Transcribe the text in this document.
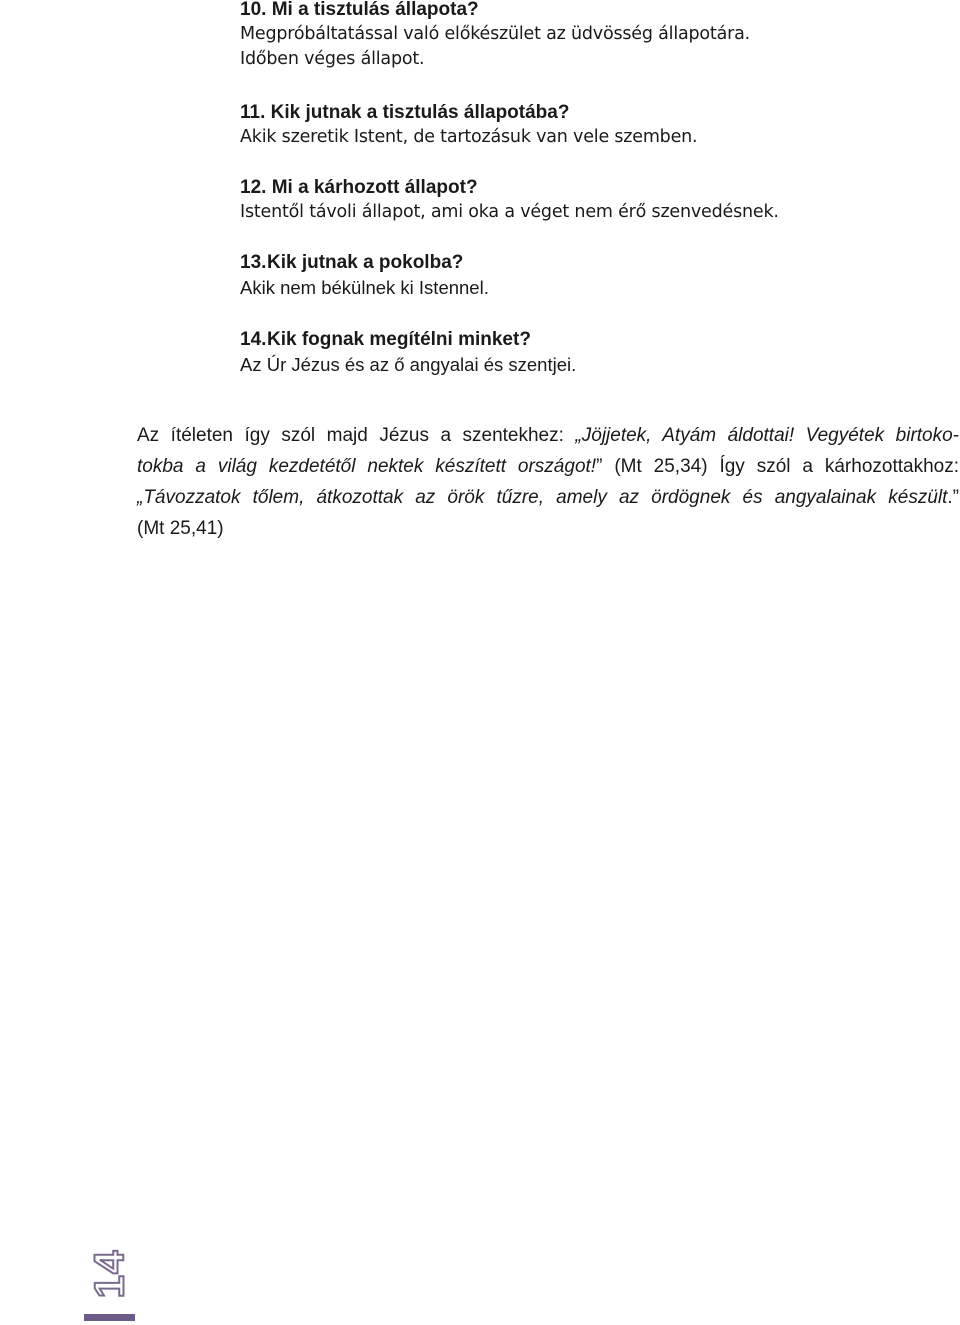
10. Mi a tisztulás állapota?
Megpróbáltatással való előkészület az üdvösség állapotára.
Időben véges állapot.
11. Kik jutnak a tisztulás állapotába?
Akik szeretik Istent, de tartozásuk van vele szemben.
12. Mi a kárhozott állapot?
Istentől távoli állapot, ami oka a véget nem érő szenvedésnek.
13.Kik jutnak a pokolba?
Akik nem békülnek ki Istennel.
14.Kik fognak megítélni minket?
Az Úr Jézus és az ő angyalai és szentjei.
Az ítéleten így szól majd Jézus a szentekhez: „Jöjjetek, Atyám áldottai! Vegyétek birtoko-
tokba a világ kezdetétől nektek készített országot!” (Mt 25,34) Így szól a kárhozottakhoz:
„Távozzatok tőlem, átkozottak az örök tűzre, amely az ördögnek és angyalainak készült.”
(Mt 25,41)
14
